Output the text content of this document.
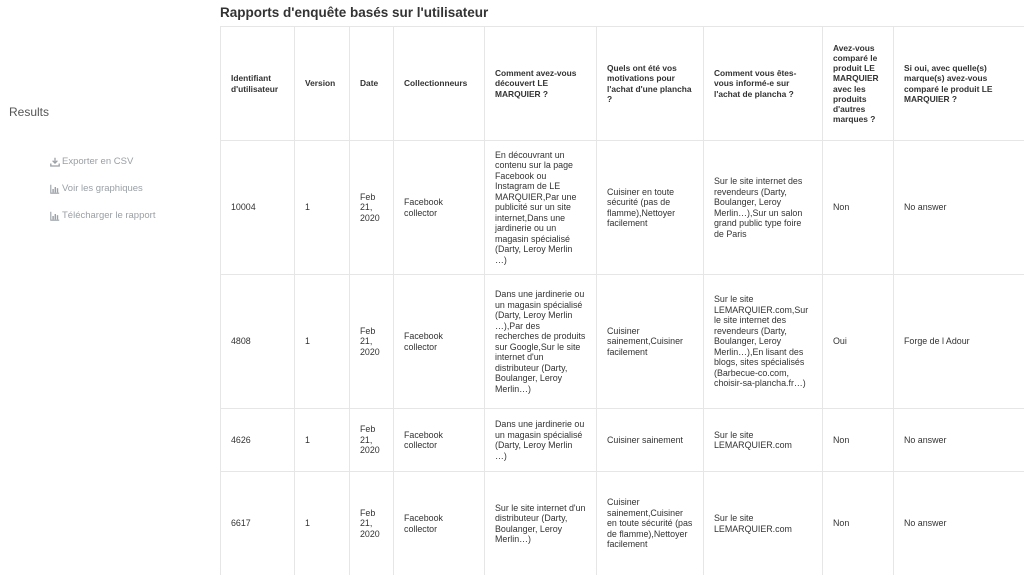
Results
Exporter en CSV
Voir les graphiques
Télécharger le rapport
Rapports d'enquête basés sur l'utilisateur
Identifiant d'utilisateur	Version	Date	Collectionneurs	Comment avez-vous découvert LE MARQUIER ?	Quels ont été vos motivations pour l'achat d'une plancha ?	Comment vous êtes-vous informé-e sur l'achat de plancha ?	Avez-vous comparé le produit LE MARQUIER avec les produits d'autres marques ?	Si oui, avec quelle(s) marque(s) avez-vous comparé le produit LE MARQUIER ?
10004	1	Feb 21, 2020	Facebook collector	En découvrant un contenu sur la page Facebook ou Instagram de LE MARQUIER,Par une publicité sur un site internet,Dans une jardinerie ou un magasin spécialisé (Darty, Leroy Merlin …)	Cuisiner en toute sécurité (pas de flamme),Nettoyer facilement	Sur le site internet des revendeurs (Darty, Boulanger, Leroy Merlin…),Sur un salon grand public type foire de Paris	Non	No answer
4808	1	Feb 21, 2020	Facebook collector	Dans une jardinerie ou un magasin spécialisé (Darty, Leroy Merlin …),Par des recherches de produits sur Google,Sur le site internet d'un distributeur (Darty, Boulanger, Leroy Merlin…)	Cuisiner sainement,Cuisiner facilement	Sur le site LEMARQUIER.com,Sur le site internet des revendeurs (Darty, Boulanger, Leroy Merlin…),En lisant des blogs, sites spécialisés (Barbecue-co.com, choisir-sa-plancha.fr…)	Oui	Forge de l Adour
4626	1	Feb 21, 2020	Facebook collector	Dans une jardinerie ou un magasin spécialisé (Darty, Leroy Merlin …)	Cuisiner sainement	Sur le site LEMARQUIER.com	Non	No answer
6617	1	Feb 21, 2020	Facebook collector	Sur le site internet d'un distributeur (Darty, Boulanger, Leroy Merlin…)	Cuisiner sainement,Cuisiner en toute sécurité (pas de flamme),Nettoyer facilement	Sur le site LEMARQUIER.com	Non	No answer
